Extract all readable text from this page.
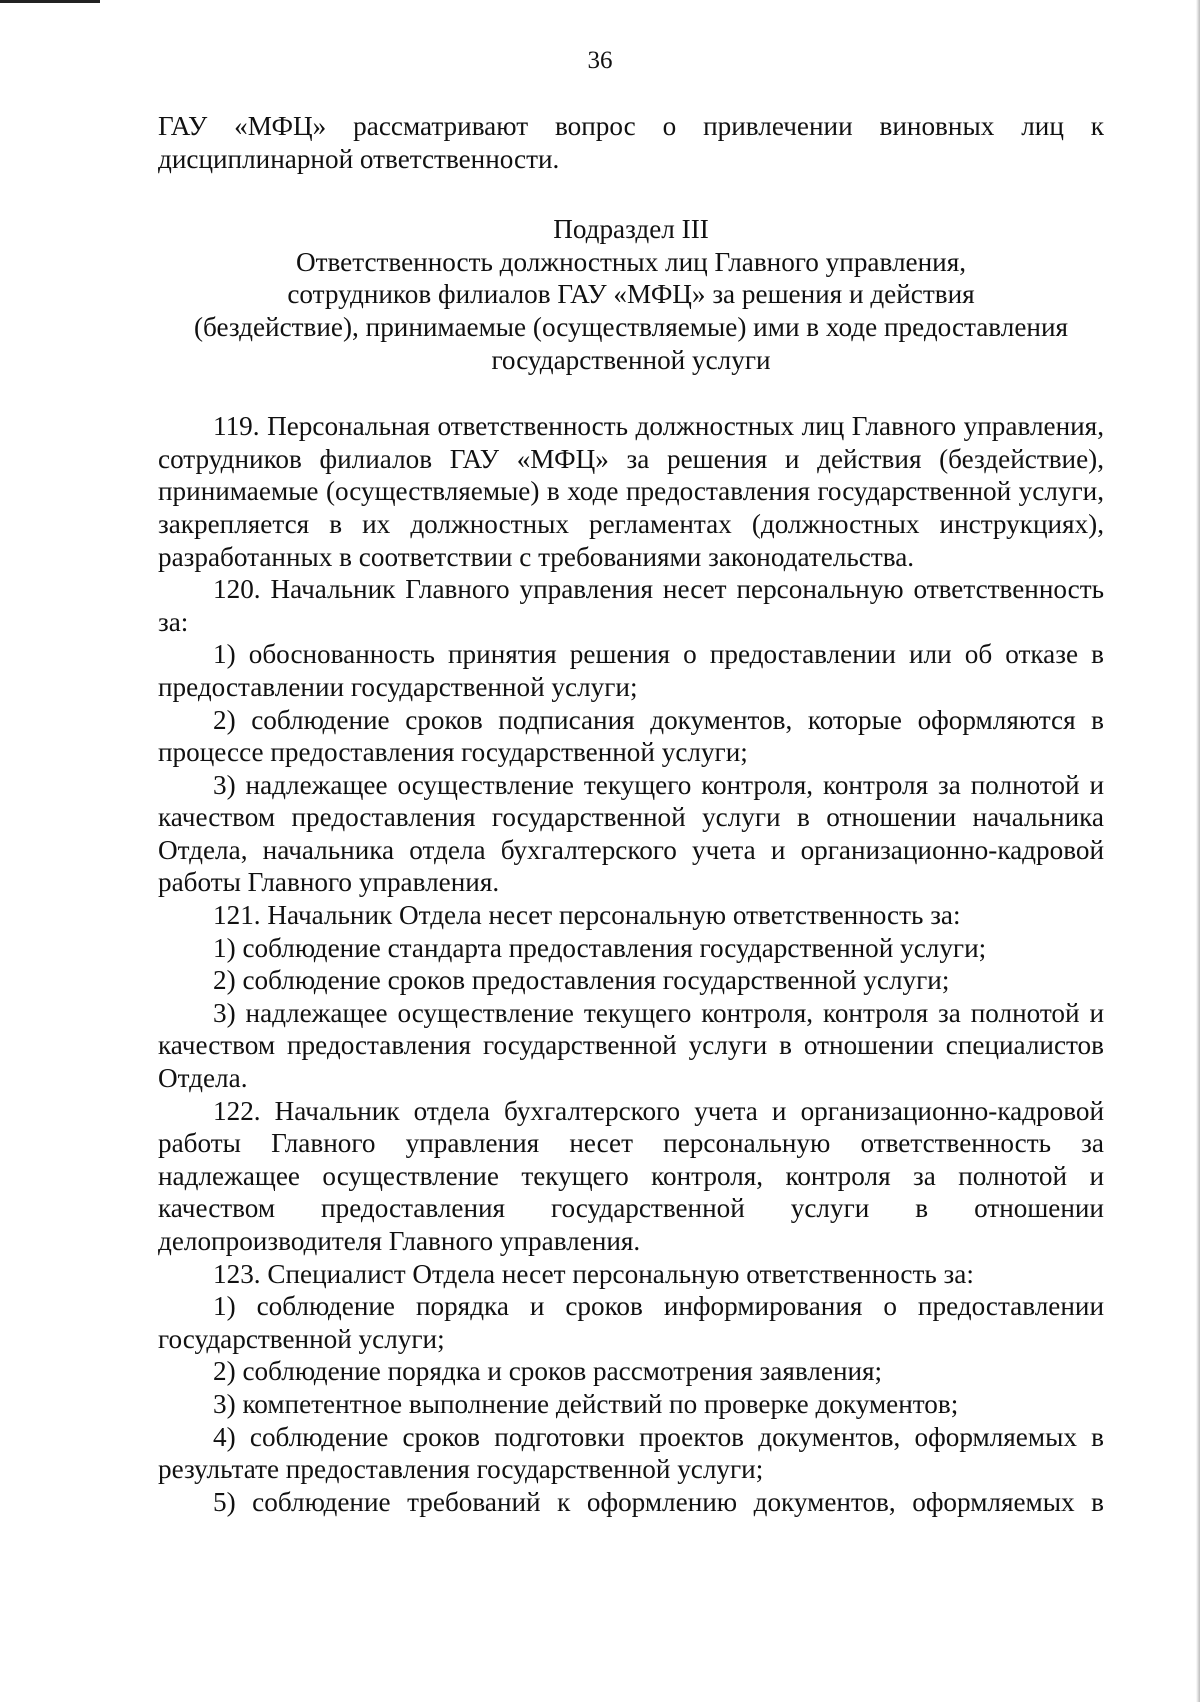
36

ГАУ «МФЦ» рассматривают вопрос о привлечении виновных лиц к дисциплинарной ответственности.

Подраздел III
Ответственность должностных лиц Главного управления,
сотрудников филиалов ГАУ «МФЦ» за решения и действия
(бездействие), принимаемые (осуществляемые) ими в ходе предоставления
государственной услуги

119. Персональная ответственность должностных лиц Главного управления, сотрудников филиалов ГАУ «МФЦ» за решения и действия (бездействие), принимаемые (осуществляемые) в ходе предоставления государственной услуги, закрепляется в их должностных регламентах (должностных инструкциях), разработанных в соответствии с требованиями законодательства.

120. Начальник Главного управления несет персональную ответственность за:

1) обоснованность принятия решения о предоставлении или об отказе в предоставлении государственной услуги;

2) соблюдение сроков подписания документов, которые оформляются в процессе предоставления государственной услуги;

3) надлежащее осуществление текущего контроля, контроля за полнотой и качеством предоставления государственной услуги в отношении начальника Отдела, начальника отдела бухгалтерского учета и организационно-кадровой работы Главного управления.

121. Начальник Отдела несет персональную ответственность за:

1) соблюдение стандарта предоставления государственной услуги;

2) соблюдение сроков предоставления государственной услуги;

3) надлежащее осуществление текущего контроля, контроля за полнотой и качеством предоставления государственной услуги в отношении специалистов Отдела.

122. Начальник отдела бухгалтерского учета и организационно-кадровой работы Главного управления несет персональную ответственность за надлежащее осуществление текущего контроля, контроля за полнотой и качеством предоставления государственной услуги в отношении делопроизводителя Главного управления.

123. Специалист Отдела несет персональную ответственность за:

1) соблюдение порядка и сроков информирования о предоставлении государственной услуги;

2) соблюдение порядка и сроков рассмотрения заявления;

3) компетентное выполнение действий по проверке документов;

4) соблюдение сроков подготовки проектов документов, оформляемых в результате предоставления государственной услуги;

5) соблюдение требований к оформлению документов, оформляемых в
